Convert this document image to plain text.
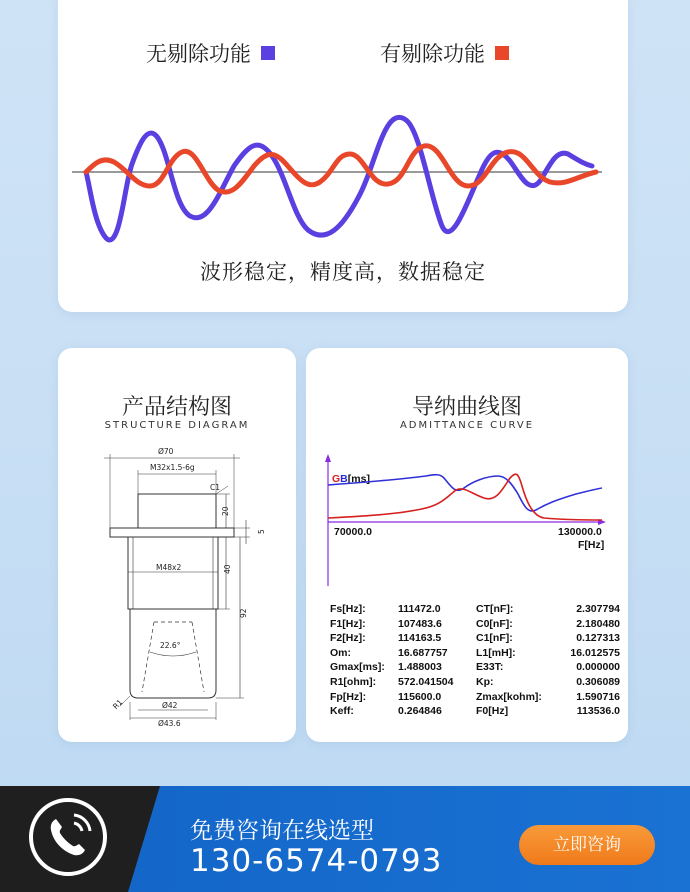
无剔除功能	有剔除功能
波形稳定，精度高，数据稳定
产品结构图
STRUCTURE DIAGRAM
Ø70
M32x1.5-6g
C1
20
5
M48x2	40
92
22.6°
R1	Ø42
Ø43.6
导纳曲线图
ADMITTANCE CURVE
GB[ms]
70000.0	130000.0
F[Hz]
Fs[Hz]:	111472.0	CT[nF]:	2.307794
F1[Hz]:	107483.6	C0[nF]:	2.180480
F2[Hz]:	114163.5	C1[nF]:	0.127313
Om:	16.687757	L1[mH]:	16.012575
Gmax[ms]:	1.488003	E33T:	0.000000
R1[ohm]:	572.041504	Kp:	0.306089
Fp[Hz]:	115600.0	Zmax[kohm]:	1.590716
Keff:	0.264846	F0[Hz]	113536.0
免费咨询在线选型
130-6574-0793	立即咨询
